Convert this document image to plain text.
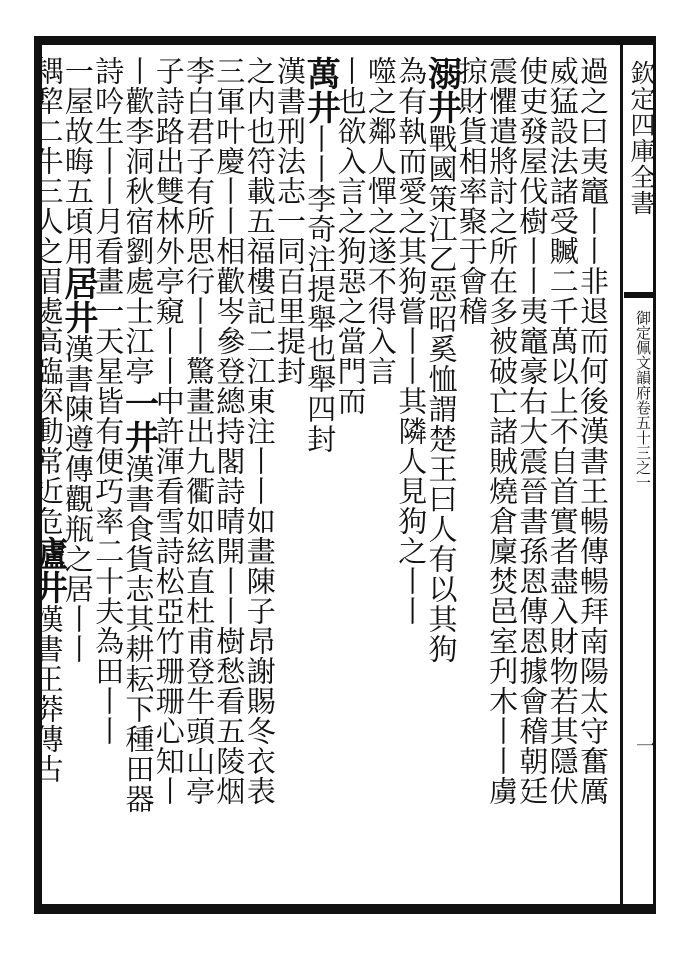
欽定四庫全書
御定佩文韻府卷五十三之一
一
過之曰夷竈丨丨非退而何後漢書王暢傳暢拜南陽太守奮厲
威猛設法諸受贓二千萬以上不自首實者盡入財物若其隱伏
使吏發屋伐樹丨丨夷竈豪右大震晉書孫恩傳恩據會稽朝廷
震懼遣將討之所在多被破亡諸賊燒倉廩焚邑室刋木丨丨虜
掠財貨相率聚于會稽
溺井戰國策江乙惡昭奚恤謂楚王曰人有以其狗
為有執而愛之其狗嘗丨丨其隣人見狗之丨丨
噬之鄰人憚之遂不得入言
丨也欲入言之狗惡之當門而
萬井丨丨李奇注提舉也舉四封
漢書刑法志一同百里提封
之内也符載五福樓記二江東注丨丨如畫陳子昂謝賜冬衣表
三軍叶慶丨丨相歡岑參登總持閣詩晴開丨丨樹愁看五陵烟
李白君子有所思行丨丨驚畫出九衢如絃直杜甫登牛頭山亭
子詩路出雙林外亭窺丨丨中許渾看雪詩松亞竹珊珊心知丨
丨歡李洞秋宿劉處士江亭一井漢書食貨志其耕耘下種田器
詩吟生丨丨月看畫一天星皆有便巧率二十夫為田丨丨
一屋故晦五頃用居井漢書陳遵傳觀瓶之居丨丨
耦犂二牛三人之眉處高臨深動常近危廬井漢書王莽傳古
